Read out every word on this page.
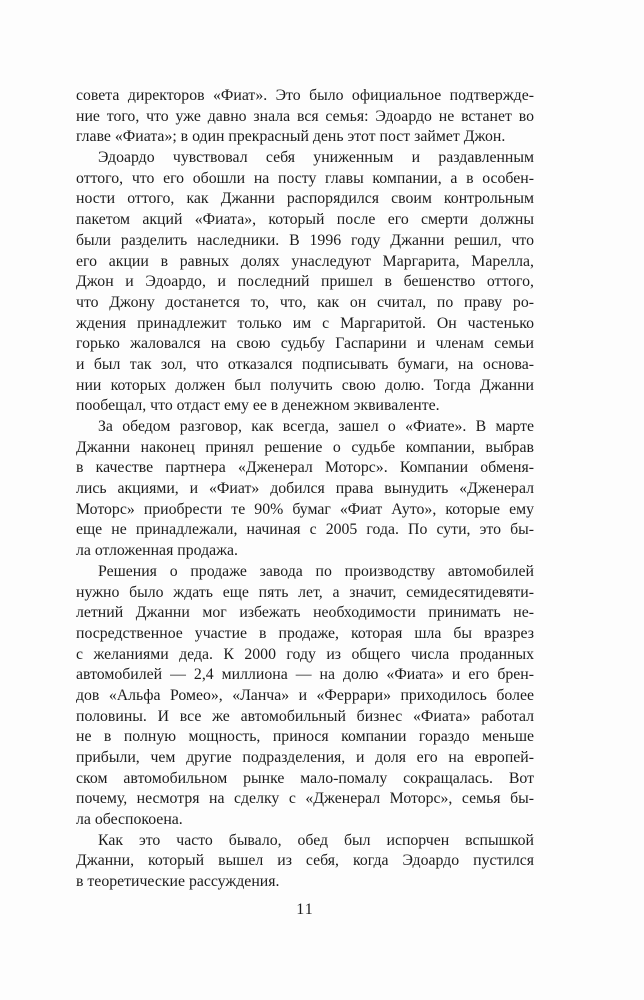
совета директоров «Фиат». Это было официальное подтвержде-
ние того, что уже давно знала вся семья: Эдоардо не встанет во
главе «Фиата»; в один прекрасный день этот пост займет Джон.
Эдоардо чувствовал себя униженным и раздавленным
оттого, что его обошли на посту главы компании, а в особен-
ности оттого, как Джанни распорядился своим контрольным
пакетом акций «Фиата», который после его смерти должны
были разделить наследники. В 1996 году Джанни решил, что
его акции в равных долях унаследуют Маргарита, Марелла,
Джон и Эдоардо, и последний пришел в бешенство оттого,
что Джону достанется то, что, как он считал, по праву ро-
ждения принадлежит только им с Маргаритой. Он частенько
горько жаловался на свою судьбу Гаспарини и членам семьи
и был так зол, что отказался подписывать бумаги, на основа-
нии которых должен был получить свою долю. Тогда Джанни
пообещал, что отдаст ему ее в денежном эквиваленте.
За обедом разговор, как всегда, зашел о «Фиате». В марте
Джанни наконец принял решение о судьбе компании, выбрав
в качестве партнера «Дженерал Моторс». Компании обменя-
лись акциями, и «Фиат» добился права вынудить «Дженерал
Моторс» приобрести те 90% бумаг «Фиат Ауто», которые ему
еще не принадлежали, начиная с 2005 года. По сути, это бы-
ла отложенная продажа.
Решения о продаже завода по производству автомобилей
нужно было ждать еще пять лет, а значит, семидесятидевяти-
летний Джанни мог избежать необходимости принимать не-
посредственное участие в продаже, которая шла бы вразрез
с желаниями деда. К 2000 году из общего числа проданных
автомобилей — 2,4 миллиона — на долю «Фиата» и его брен-
дов «Альфа Ромео», «Ланча» и «Феррари» приходилось более
половины. И все же автомобильный бизнес «Фиата» работал
не в полную мощность, принося компании гораздо меньше
прибыли, чем другие подразделения, и доля его на европей-
ском автомобильном рынке мало-помалу сокращалась. Вот
почему, несмотря на сделку с «Дженерал Моторс», семья бы-
ла обеспокоена.
Как это часто бывало, обед был испорчен вспышкой
Джанни, который вышел из себя, когда Эдоардо пустился
в теоретические рассуждения.
11
